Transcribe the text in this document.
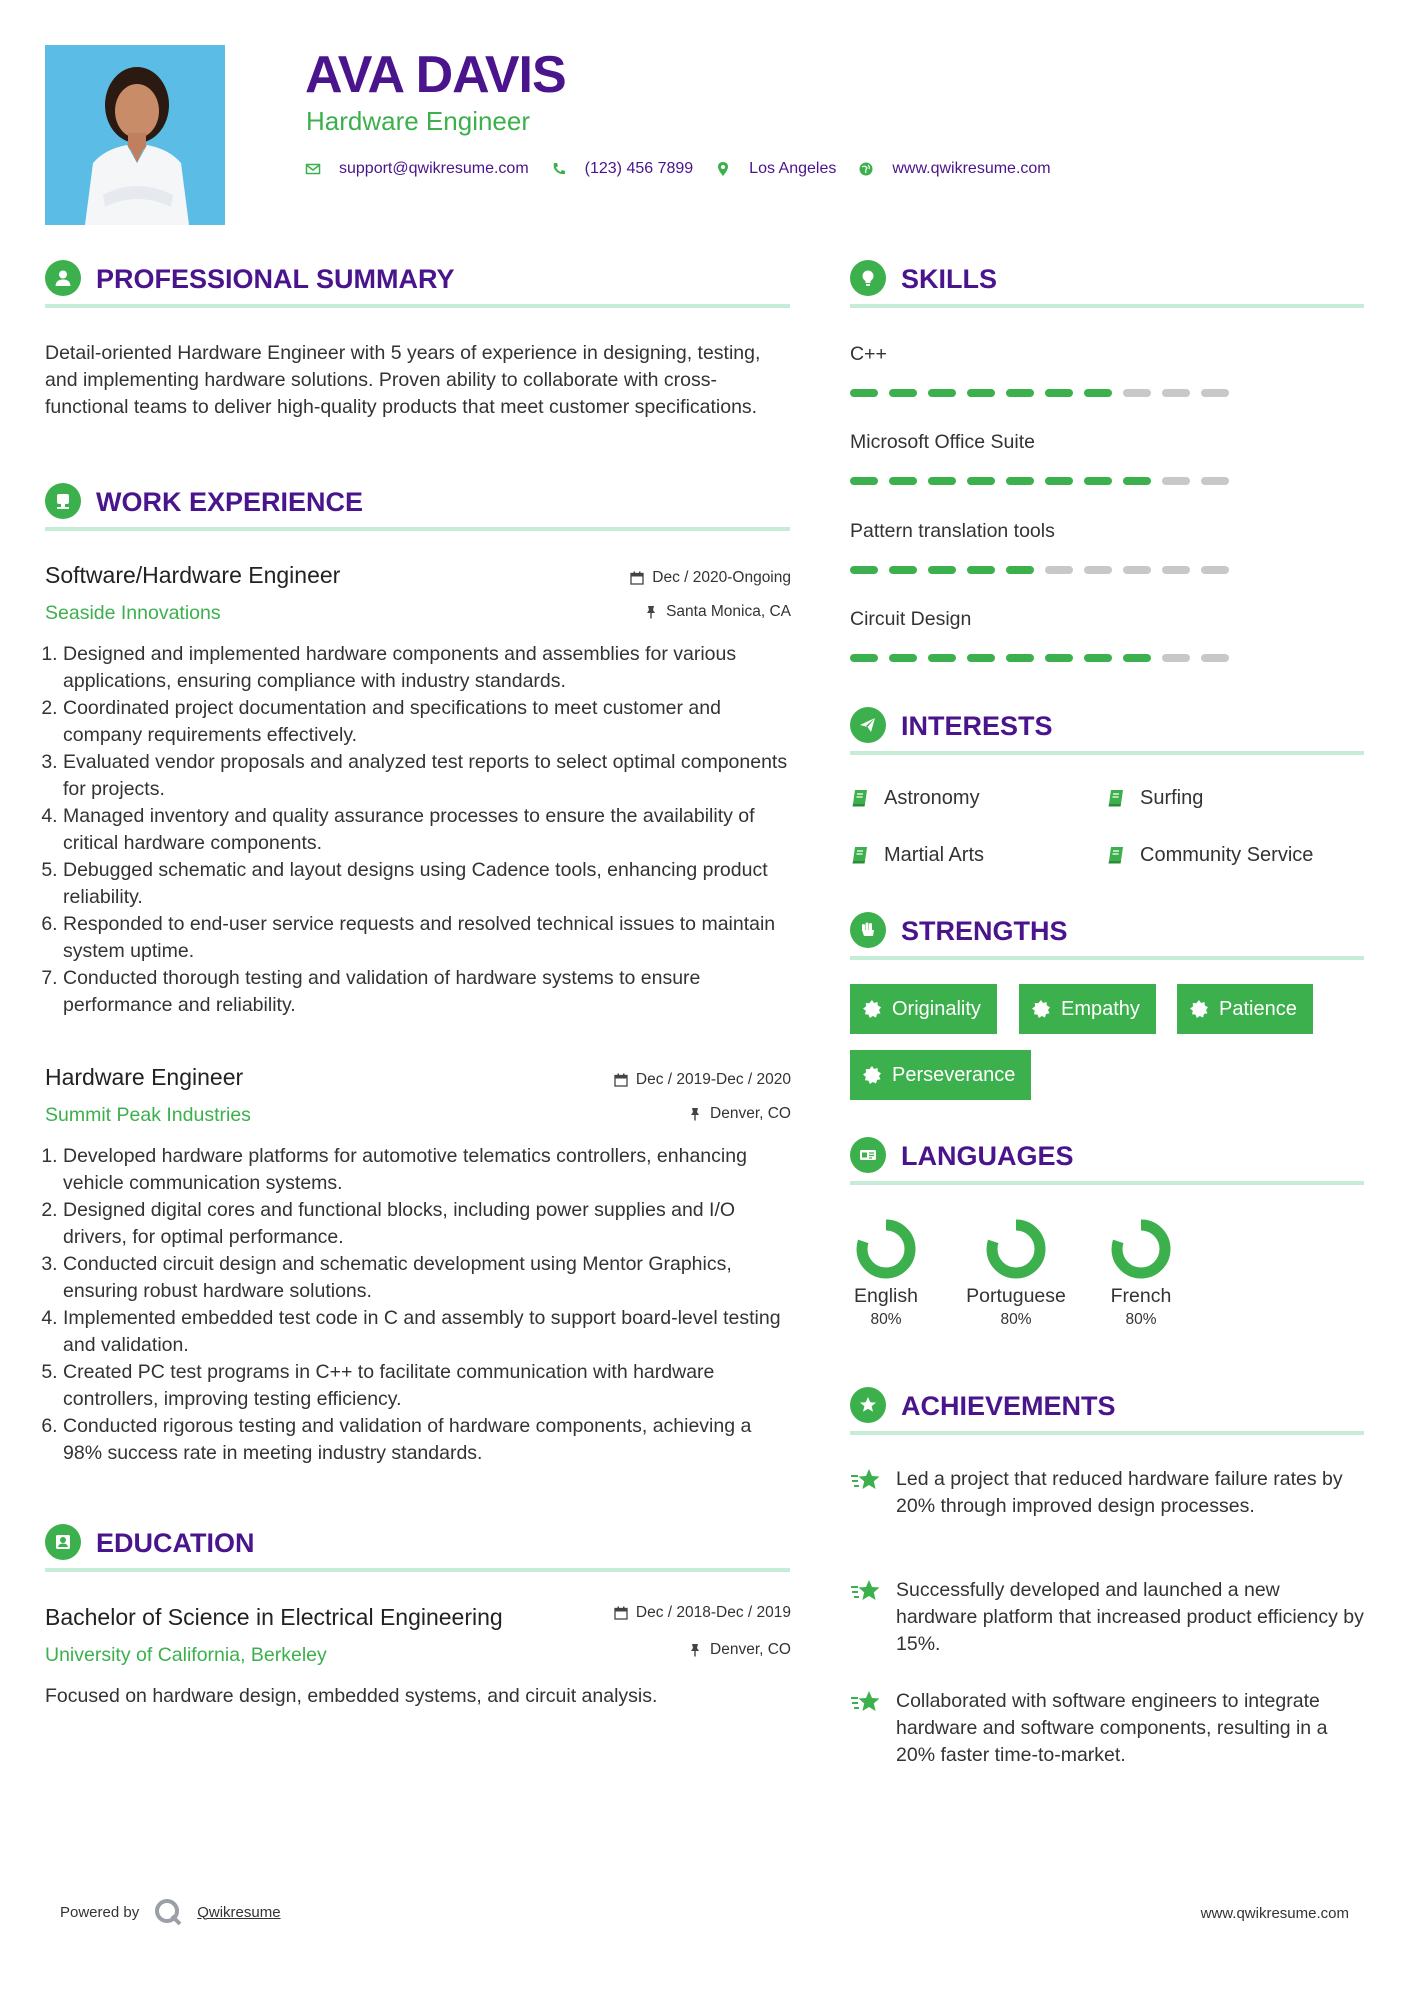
AVA DAVIS
Hardware Engineer
support@qwikresume.com	(123) 456 7899	Los Angeles	www.qwikresume.com
PROFESSIONAL SUMMARY
Detail-oriented Hardware Engineer with 5 years of experience in designing, testing, and implementing hardware solutions. Proven ability to collaborate with cross-functional teams to deliver high-quality products that meet customer specifications.
WORK EXPERIENCE
Software/Hardware Engineer	Dec / 2020-Ongoing
Seaside Innovations	Santa Monica, CA
1. Designed and implemented hardware components and assemblies for various applications, ensuring compliance with industry standards.
2. Coordinated project documentation and specifications to meet customer and company requirements effectively.
3. Evaluated vendor proposals and analyzed test reports to select optimal components for projects.
4. Managed inventory and quality assurance processes to ensure the availability of critical hardware components.
5. Debugged schematic and layout designs using Cadence tools, enhancing product reliability.
6. Responded to end-user service requests and resolved technical issues to maintain system uptime.
7. Conducted thorough testing and validation of hardware systems to ensure performance and reliability.
Hardware Engineer	Dec / 2019-Dec / 2020
Summit Peak Industries	Denver, CO
1. Developed hardware platforms for automotive telematics controllers, enhancing vehicle communication systems.
2. Designed digital cores and functional blocks, including power supplies and I/O drivers, for optimal performance.
3. Conducted circuit design and schematic development using Mentor Graphics, ensuring robust hardware solutions.
4. Implemented embedded test code in C and assembly to support board-level testing and validation.
5. Created PC test programs in C++ to facilitate communication with hardware controllers, improving testing efficiency.
6. Conducted rigorous testing and validation of hardware components, achieving a 98% success rate in meeting industry standards.
EDUCATION
Bachelor of Science in Electrical Engineering	Dec / 2018-Dec / 2019
University of California, Berkeley	Denver, CO
Focused on hardware design, embedded systems, and circuit analysis.
SKILLS
C++
Microsoft Office Suite
Pattern translation tools
Circuit Design
INTERESTS
Astronomy	Surfing
Martial Arts	Community Service
STRENGTHS
Originality	Empathy	Patience
Perseverance
LANGUAGES
English
80%
Portuguese
80%
French
80%
ACHIEVEMENTS
Led a project that reduced hardware failure rates by 20% through improved design processes.
Successfully developed and launched a new hardware platform that increased product efficiency by 15%.
Collaborated with software engineers to integrate hardware and software components, resulting in a 20% faster time-to-market.
Powered by	Qwikresume	www.qwikresume.com
